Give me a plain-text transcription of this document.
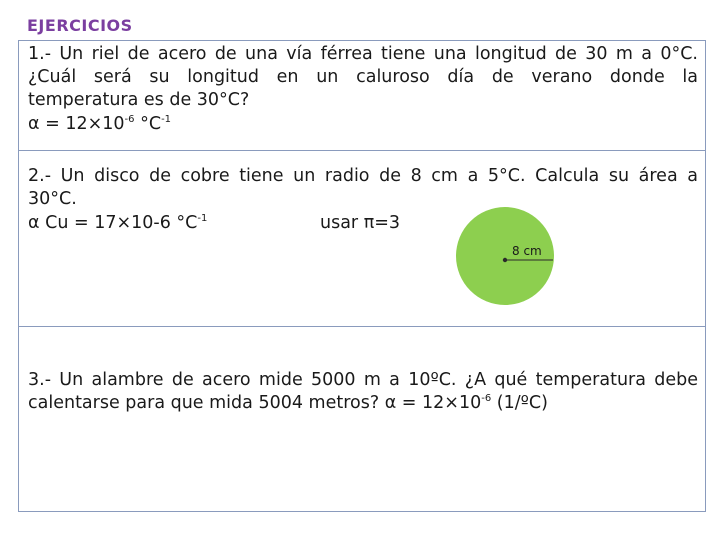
EJERCICIOS
1.- Un riel de acero de una vía férrea tiene una longitud de 30 m a 0°C.
¿Cuál será su longitud en un caluroso día de verano donde la
temperatura es de 30°C?
$\alpha = 12\times 10^{-6}$ $^\circ C^{-1}$
2.- Un disco de cobre tiene un radio de 8 cm a 5°C. Calcula su área a
30°C.
α Cu = 17×10-6 $^\circ C^{-1}$	usar π=3
8 cm
3.- Un alambre de acero mide 5000 m a 10ºC. ¿A qué temperatura debe
calentarse para que mida 5004 metros? $\alpha = 12\times 10^{-6}$ (1/ºC)
